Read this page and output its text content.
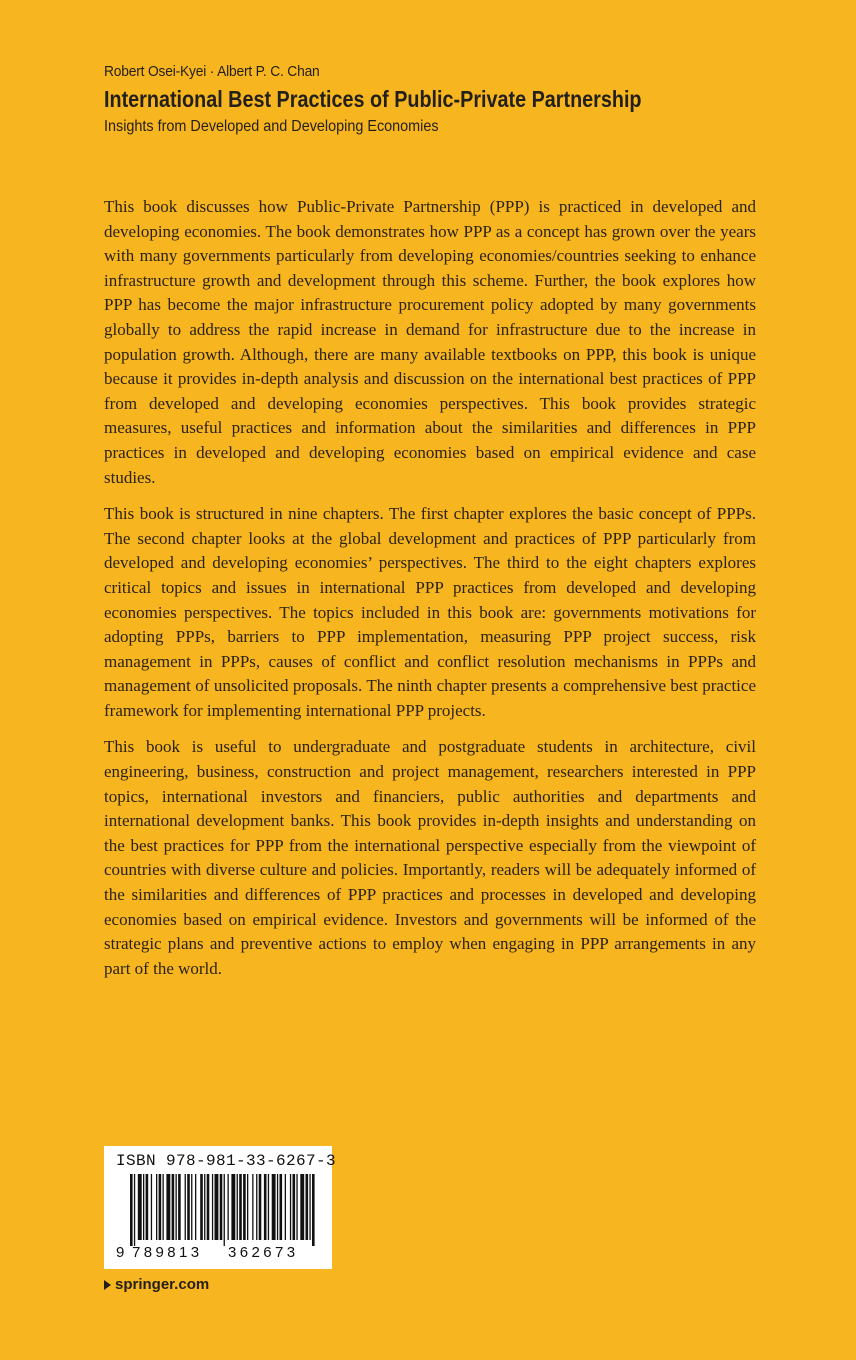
Robert Osei-Kyei · Albert P. C. Chan
International Best Practices of Public-Private Partnership
Insights from Developed and Developing Economies

This book discusses how Public-Private Partnership (PPP) is practiced in developed and developing economies. The book demonstrates how PPP as a concept has grown over the years with many governments particularly from developing economies/countries seeking to enhance infrastructure growth and development through this scheme. Further, the book explores how PPP has become the major infrastructure procurement policy adopted by many governments globally to address the rapid increase in demand for infrastructure due to the increase in population growth. Although, there are many available textbooks on PPP, this book is unique because it provides in-depth analysis and discussion on the international best practices of PPP from developed and developing economies perspectives. This book provides strategic measures, useful practices and information about the similarities and differences in PPP practices in developed and developing economies based on empirical evidence and case studies.

This book is structured in nine chapters. The first chapter explores the basic concept of PPPs. The second chapter looks at the global development and practices of PPP particularly from developed and developing economies’ perspectives. The third to the eight chapters explores critical topics and issues in international PPP practices from developed and developing economies perspectives. The topics included in this book are: governments motivations for adopting PPPs, barriers to PPP implementation, measuring PPP project success, risk management in PPPs, causes of conflict and conflict resolution mechanisms in PPPs and management of unsolicited proposals. The ninth chapter presents a comprehensive best practice framework for implementing international PPP projects.

This book is useful to undergraduate and postgraduate students in architecture, civil engineering, business, construction and project management, researchers interested in PPP topics, international investors and financiers, public authorities and departments and international development banks. This book provides in-depth insights and understanding on the best practices for PPP from the international perspective especially from the viewpoint of countries with diverse culture and policies. Importantly, readers will be adequately informed of the similarities and differences of PPP practices and processes in developed and developing economies based on empirical evidence. Investors and governments will be informed of the strategic plans and preventive actions to employ when engaging in PPP arrangements in any part of the world.

ISBN 978-981-33-6267-3
9 789813 362673
springer.com
